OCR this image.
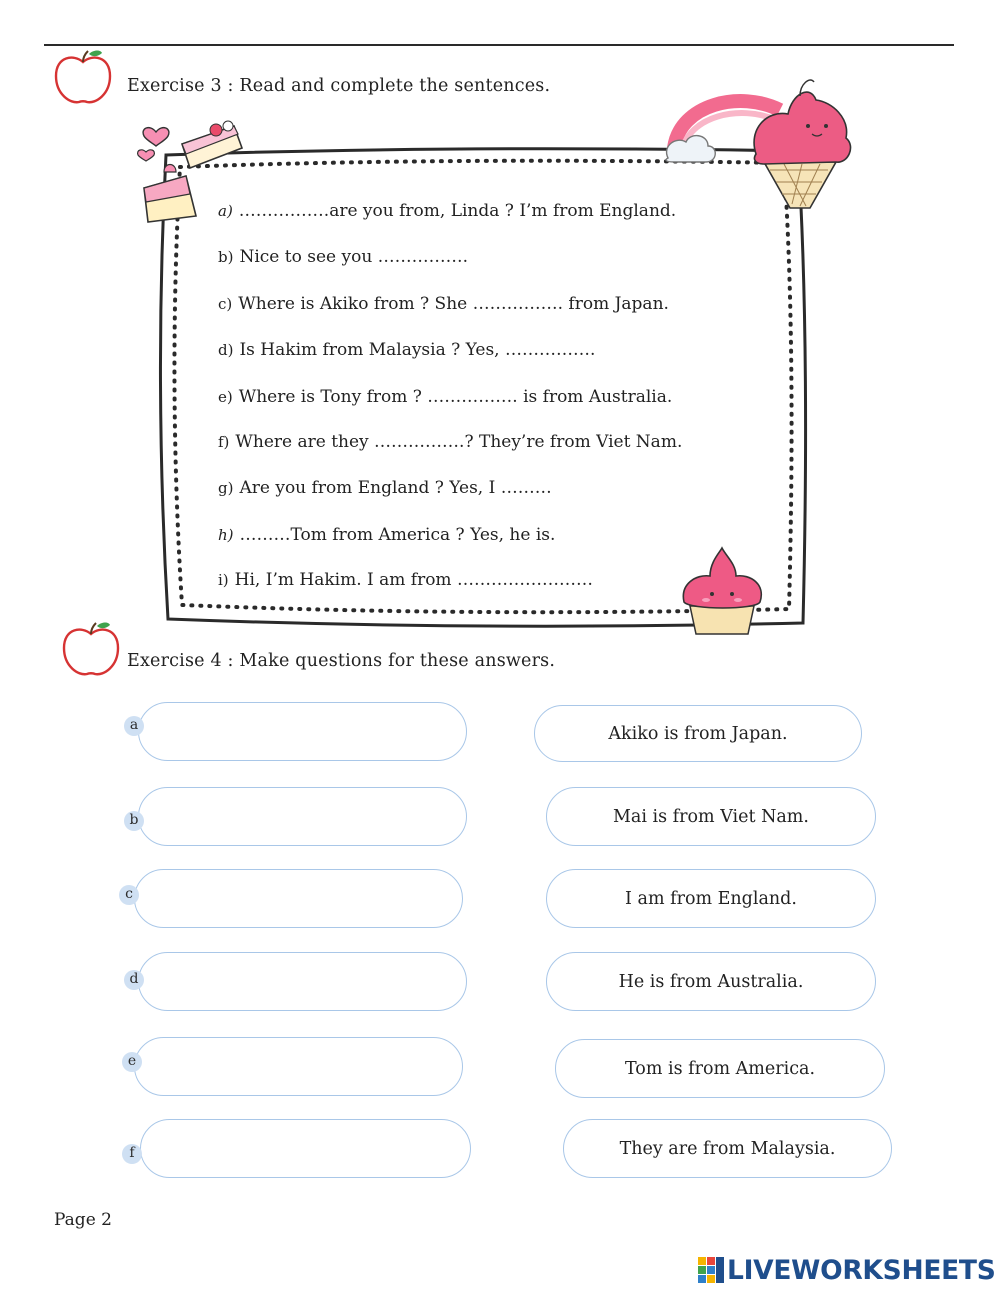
Exercise 3 : Read and complete the sentences.
a) …………….are you from, Linda ? I’m from England.
b) Nice to see you …………….
c) Where is Akiko from ? She ……………. from Japan.
d) Is Hakim from Malaysia ? Yes, …………….
e) Where is Tony from ? ……………. is from Australia.
f) Where are they …………….? They’re from Viet Nam.
g) Are you from England ? Yes, I ………
h) ………Tom from America ? Yes, he is.
i) Hi, I’m Hakim. I am from ……………………
Exercise 4 : Make questions for these answers.
a	Akiko is from Japan.
b	Mai is from Viet Nam.
c	I am from England.
d	He is from Australia.
e	Tom is from America.
f	They are from Malaysia.
Page 2
LIVEWORKSHEETS
